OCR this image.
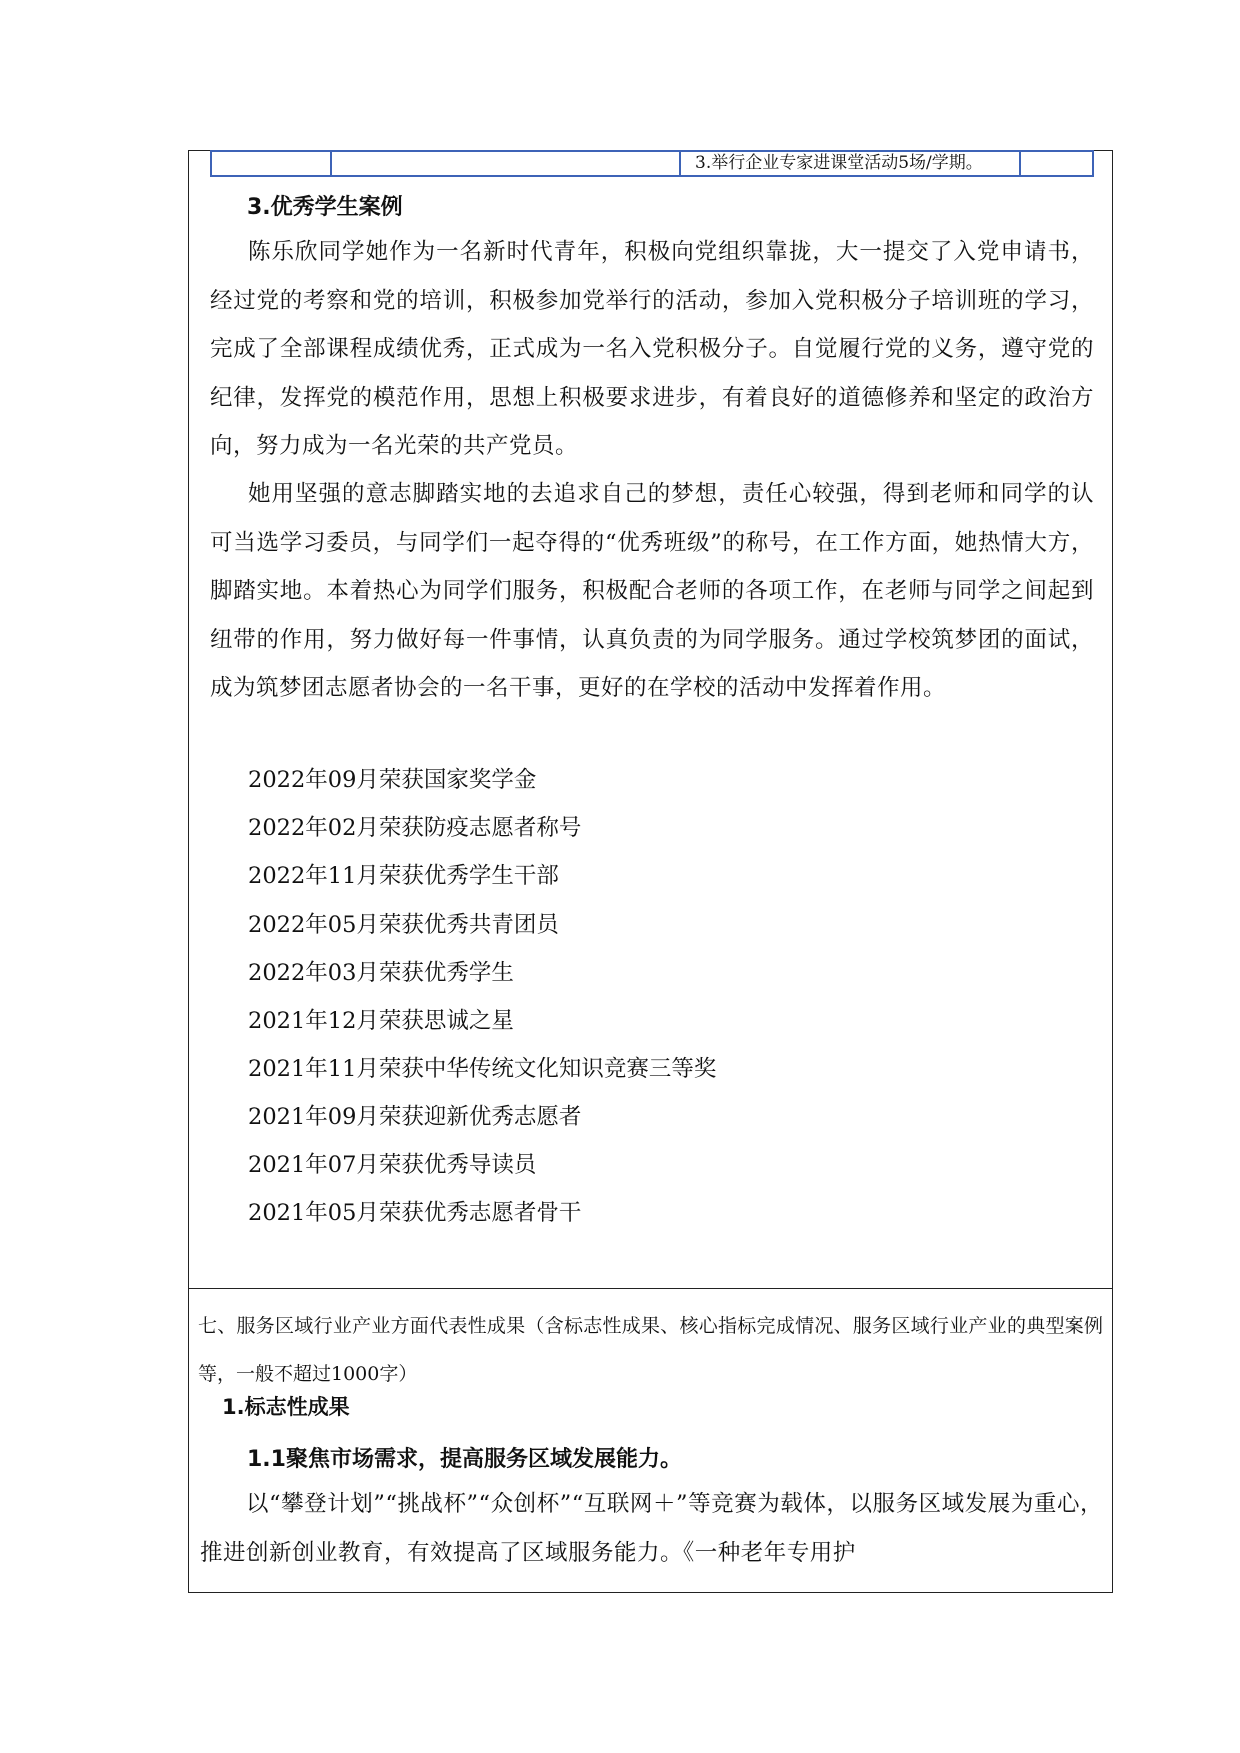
3.举行企业专家进课堂活动5场/学期。
3.优秀学生案例

陈乐欣同学她作为一名新时代青年，积极向党组织靠拢，大一提交了入党申请书，经过党的考察和党的培训，积极参加党举行的活动，参加入党积极分子培训班的学习，完成了全部课程成绩优秀，正式成为一名入党积极分子。自觉履行党的义务，遵守党的纪律，发挥党的模范作用，思想上积极要求进步，有着良好的道德修养和坚定的政治方向，努力成为一名光荣的共产党员。

她用坚强的意志脚踏实地的去追求自己的梦想，责任心较强，得到老师和同学的认可当选学习委员，与同学们一起夺得的“优秀班级”的称号，在工作方面，她热情大方，脚踏实地。本着热心为同学们服务，积极配合老师的各项工作，在老师与同学之间起到纽带的作用，努力做好每一件事情，认真负责的为同学服务。通过学校筑梦团的面试，成为筑梦团志愿者协会的一名干事，更好的在学校的活动中发挥着作用。

2022年09月荣获国家奖学金
2022年02月荣获防疫志愿者称号
2022年11月荣获优秀学生干部
2022年05月荣获优秀共青团员
2022年03月荣获优秀学生
2021年12月荣获思诚之星
2021年11月荣获中华传统文化知识竞赛三等奖
2021年09月荣获迎新优秀志愿者
2021年07月荣获优秀导读员
2021年05月荣获优秀志愿者骨干

七、服务区域行业产业方面代表性成果（含标志性成果、核心指标完成情况、服务区域行业产业的典型案例等，一般不超过1000字）

1.标志性成果
1.1聚焦市场需求，提高服务区域发展能力。

以“攀登计划”“挑战杯”“众创杯”“互联网＋”等竞赛为载体，以服务区域发展为重心，推进创新创业教育，有效提高了区域服务能力。《一种老年专用护
